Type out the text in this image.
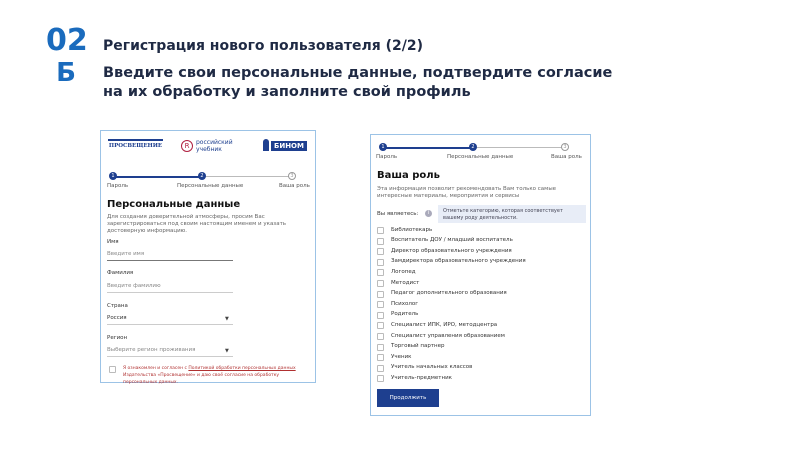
02
Б
Регистрация нового пользователя (2/2)
Введите свои персональные данные, подтвердите согласие на их обработку и заполните свой профиль
ПРОСВЕЩЕНИЕ	R	российский учебник	БИНОМ
1	2	3
Пароль	Персональные данные	Ваша роль
Персональные данные
Для создания доверительной атмосферы, просим Вас зарегистрироваться под своим настоящим именем и указать достоверную информацию.
Имя
Введите имя
Фамилия
Введите фамилию
Страна
Россия	▼
Регион
Выберите регион проживания	▼
Я ознакомлен и согласен с Политикой обработки персональных данных Издательства «Просвещение» и даю своё согласие на обработку персональных данных.
1	2	3
Пароль	Персональные данные	Ваша роль
Ваша роль
Эта информация позволит рекомендовать Вам только самые интересные материалы, мероприятия и сервисы
Вы являетесь:	i	Отметьте категорию, которая соответствует вашему роду деятельности.
Библиотекарь
Воспитатель ДОУ / младший воспитатель
Директор образовательного учреждения
Замдиректора образовательного учреждения
Логопед
Методист
Педагог дополнительного образования
Психолог
Родитель
Специалист ИПК, ИРО, методцентра
Специалист управления образованием
Торговый партнер
Ученик
Учитель начальных классов
Учитель-предметник
Продолжить
